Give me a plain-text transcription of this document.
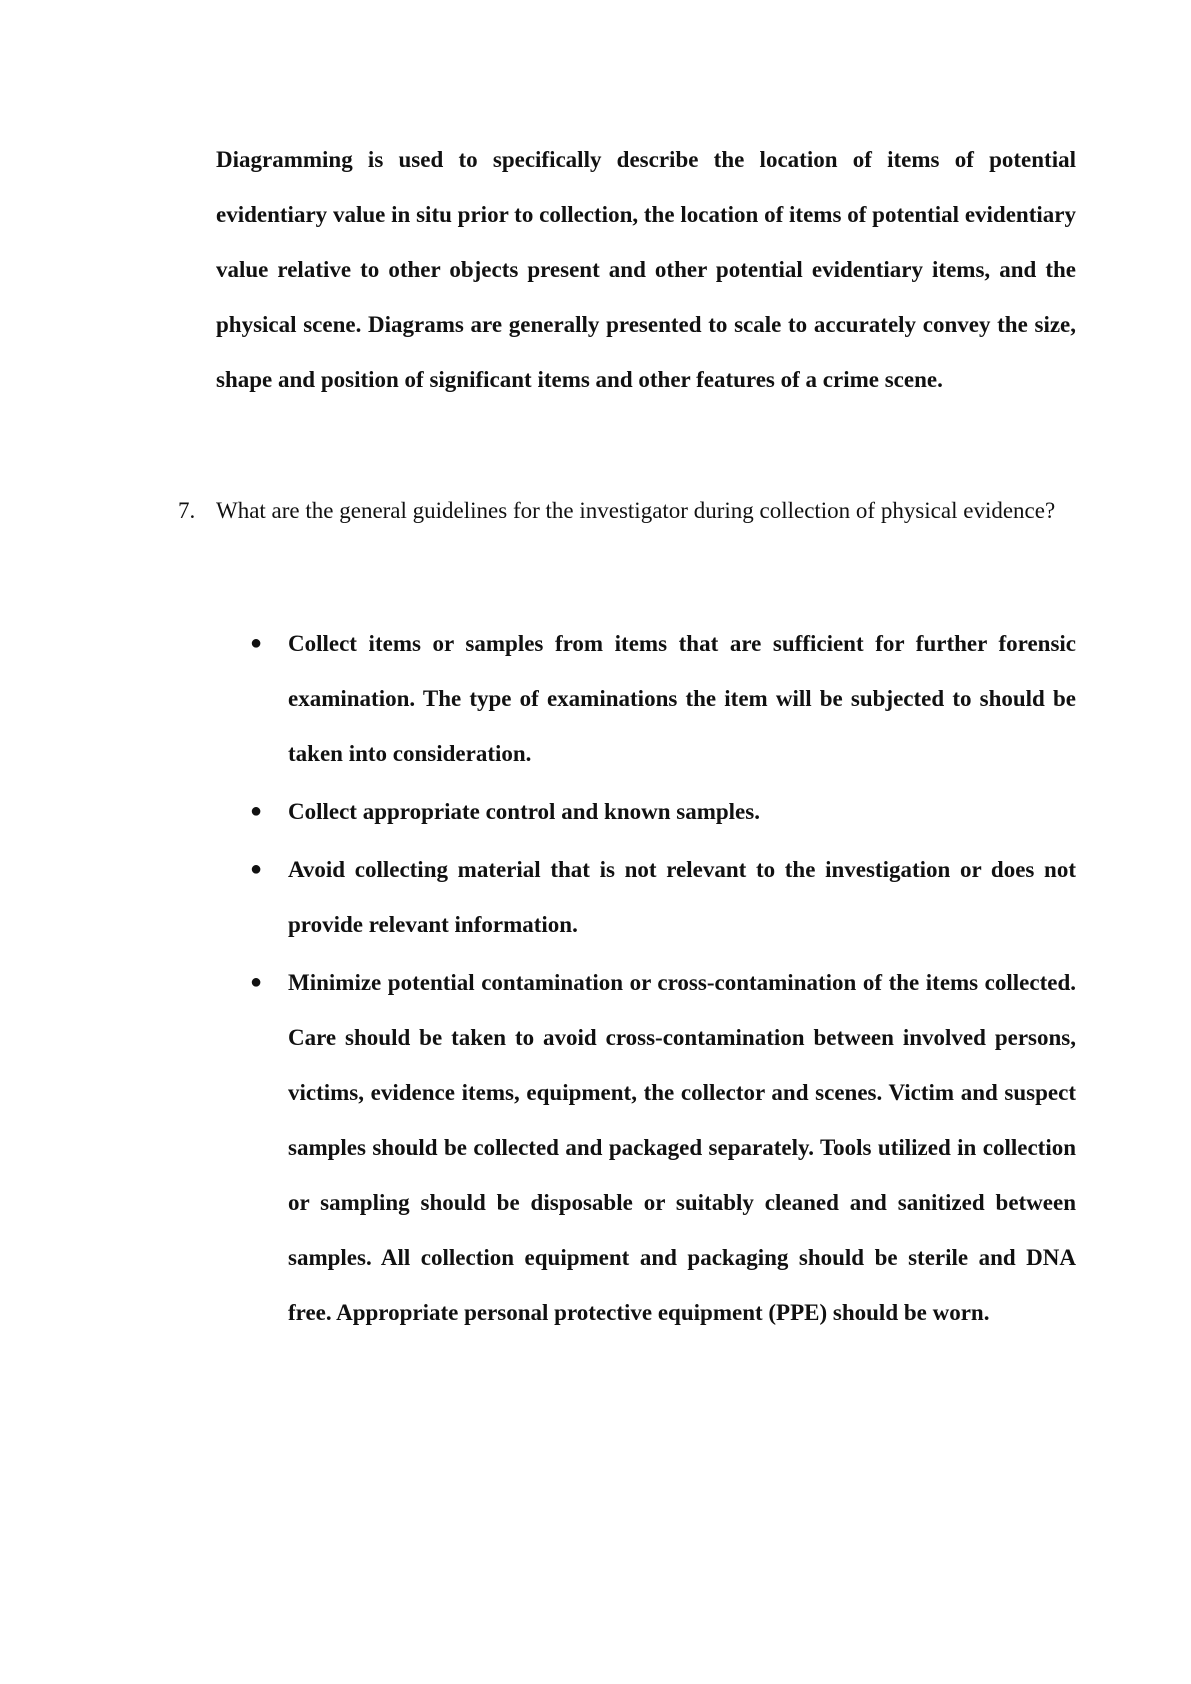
Diagramming is used to specifically describe the location of items of potential evidentiary value in situ prior to collection, the location of items of potential evidentiary value relative to other objects present and other potential evidentiary items, and the physical scene. Diagrams are generally presented to scale to accurately convey the size, shape and position of significant items and other features of a crime scene.

7. What are the general guidelines for the investigator during collection of physical evidence?

● Collect items or samples from items that are sufficient for further forensic examination. The type of examinations the item will be subjected to should be taken into consideration.
● Collect appropriate control and known samples.
● Avoid collecting material that is not relevant to the investigation or does not provide relevant information.
● Minimize potential contamination or cross-contamination of the items collected. Care should be taken to avoid cross-contamination between involved persons, victims, evidence items, equipment, the collector and scenes. Victim and suspect samples should be collected and packaged separately. Tools utilized in collection or sampling should be disposable or suitably cleaned and sanitized between samples. All collection equipment and packaging should be sterile and DNA free. Appropriate personal protective equipment (PPE) should be worn.
